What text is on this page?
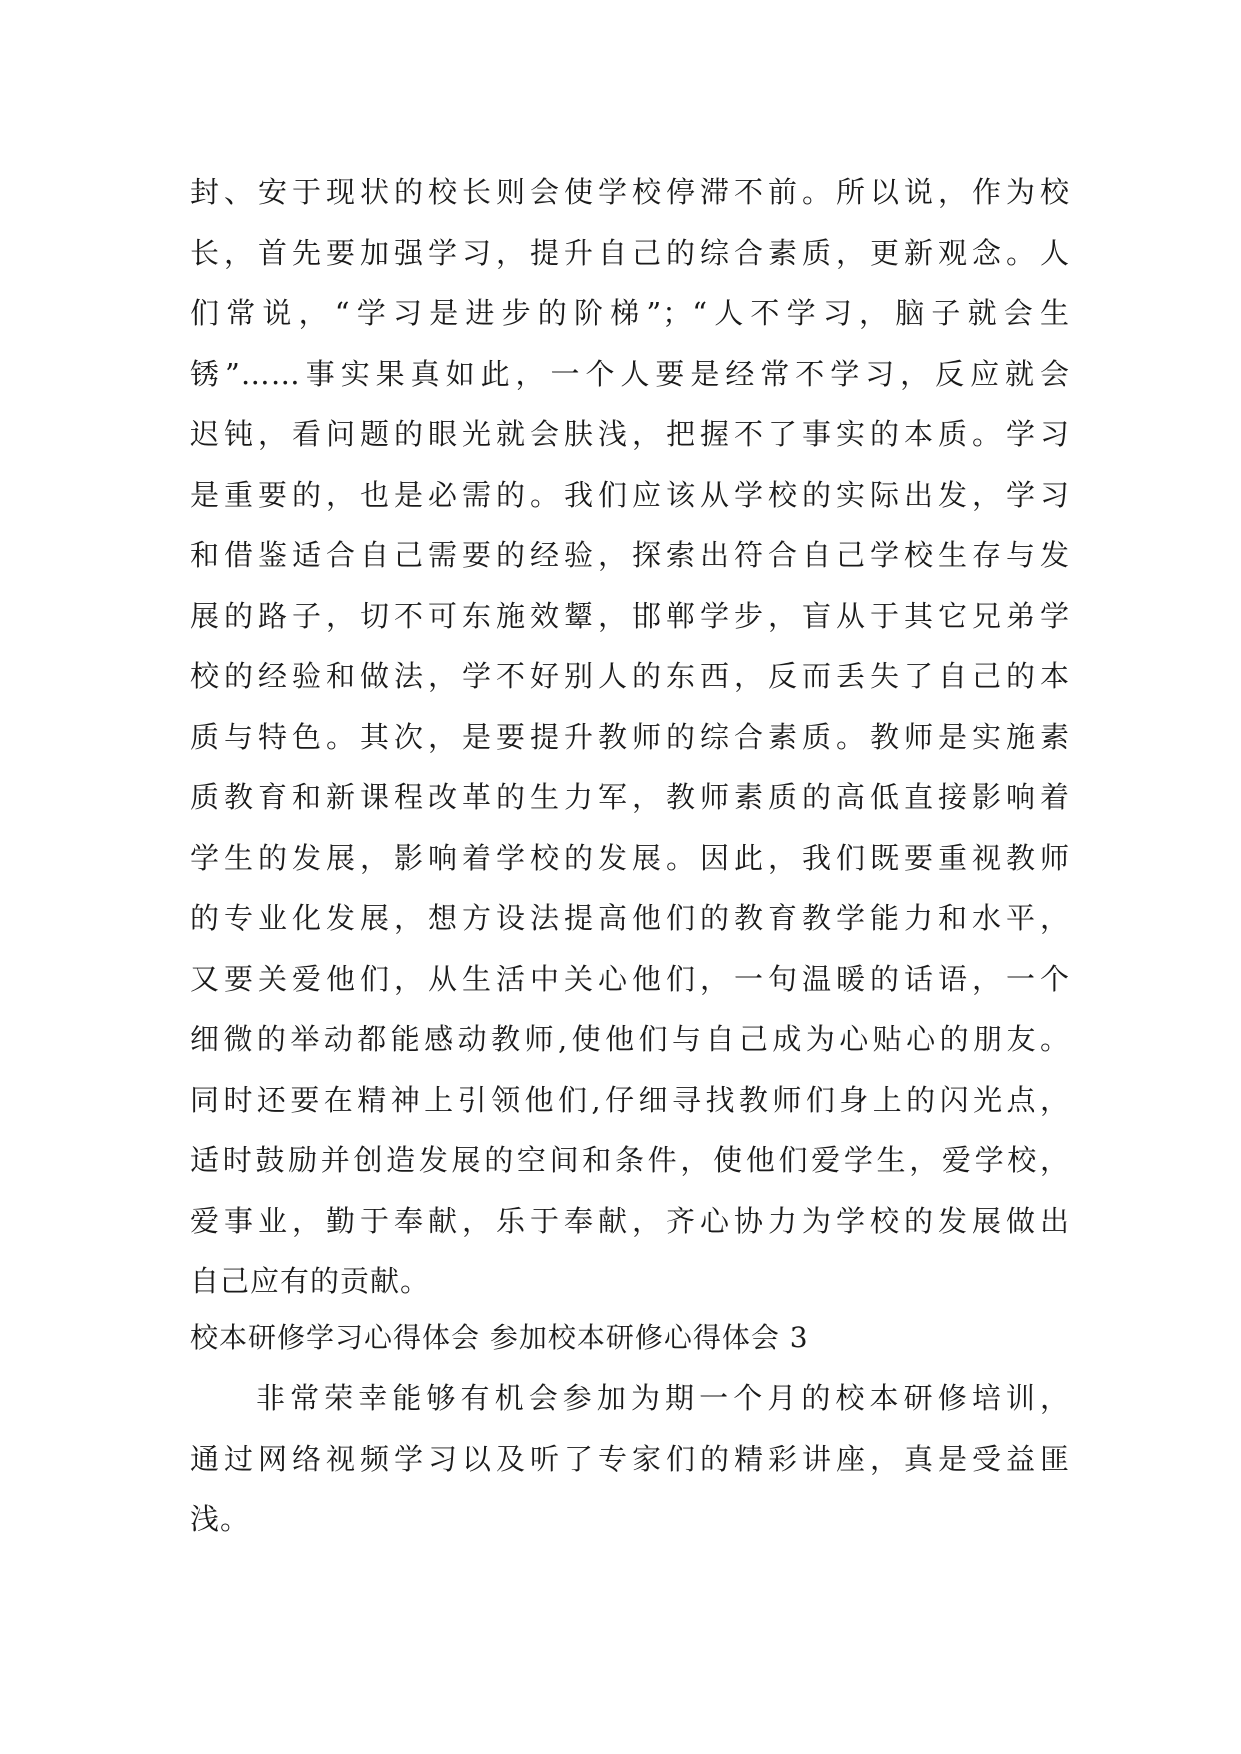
封、安于现状的校长则会使学校停滞不前。所以说，作为校
长，首先要加强学习，提升自己的综合素质，更新观念。人
们常说，“学习是进步的阶梯”；“人不学习，脑子就会生
锈”……事实果真如此，一个人要是经常不学习，反应就会
迟钝，看问题的眼光就会肤浅，把握不了事实的本质。学习
是重要的，也是必需的。我们应该从学校的实际出发，学习
和借鉴适合自己需要的经验，探索出符合自己学校生存与发
展的路子，切不可东施效颦，邯郸学步，盲从于其它兄弟学
校的经验和做法，学不好别人的东西，反而丢失了自己的本
质与特色。其次，是要提升教师的综合素质。教师是实施素
质教育和新课程改革的生力军，教师素质的高低直接影响着
学生的发展，影响着学校的发展。因此，我们既要重视教师
的专业化发展，想方设法提高他们的教育教学能力和水平，
又要关爱他们，从生活中关心他们，一句温暖的话语，一个
细微的举动都能感动教师,使他们与自己成为心贴心的朋友。
同时还要在精神上引领他们,仔细寻找教师们身上的闪光点，
适时鼓励并创造发展的空间和条件，使他们爱学生，爱学校，
爱事业，勤于奉献，乐于奉献，齐心协力为学校的发展做出
自己应有的贡献。
校本研修学习心得体会 参加校本研修心得体会 3
非常荣幸能够有机会参加为期一个月的校本研修培训，
通过网络视频学习以及听了专家们的精彩讲座，真是受益匪
浅。
